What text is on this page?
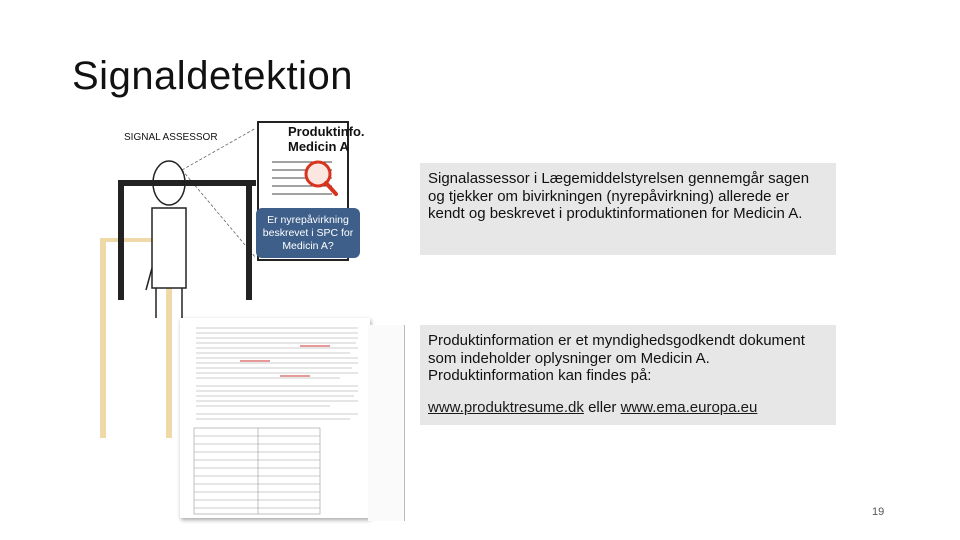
Signaldetektion
SIGNAL ASSESSOR	Produktinfo.
Medicin A
Er nyrepåvirkning beskrevet i SPC for Medicin A?
Signalassessor i Lægemiddelstyrelsen gennemgår sagen og tjekker om bivirkningen (nyrepåvirkning) allerede er kendt og beskrevet i produktinformationen for Medicin A.
Produktinformation er et myndighedsgodkendt dokument som indeholder oplysninger om Medicin A. Produktinformation kan findes på:
www.produktresume.dk eller www.ema.europa.eu
19
